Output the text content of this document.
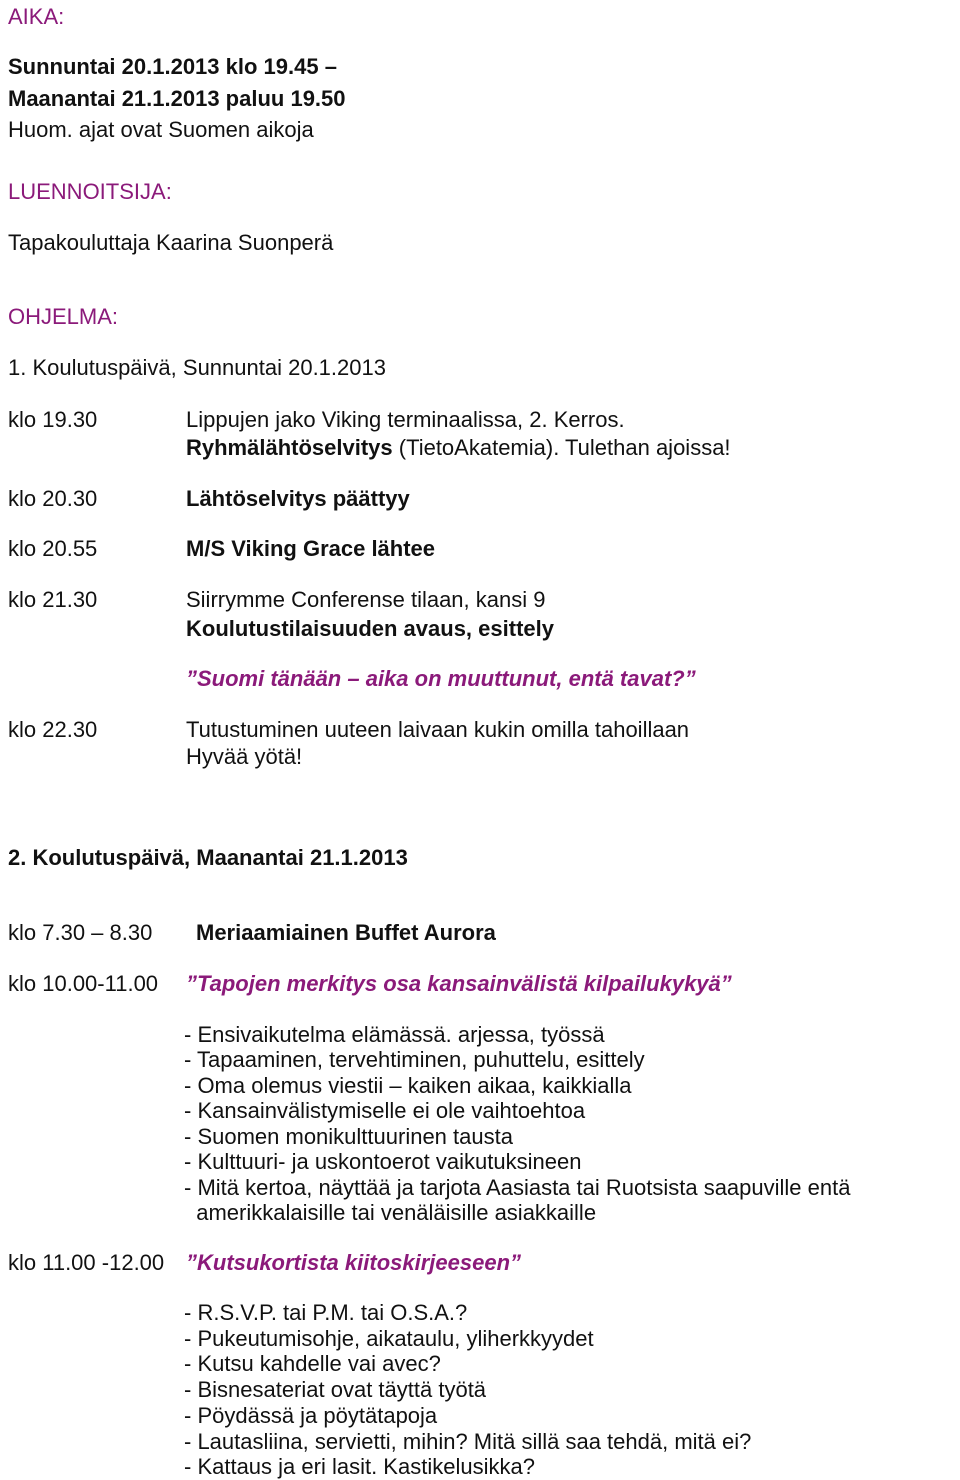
AIKA:
Sunnuntai 20.1.2013 klo 19.45 –
Maanantai 21.1.2013 paluu 19.50
Huom. ajat ovat Suomen aikoja
LUENNOITSIJA:
Tapakouluttaja Kaarina Suonperä
OHJELMA:
1. Koulutuspäivä, Sunnuntai 20.1.2013
klo 19.30	Lippujen jako Viking terminaalissa, 2. Kerros.
Ryhmälähtöselvitys (TietoAkatemia). Tulethan ajoissa!
klo 20.30	Lähtöselvitys päättyy
klo 20.55	M/S Viking Grace lähtee
klo 21.30	Siirrymme Conferense tilaan, kansi 9
Koulutustilaisuuden avaus, esittely
”Suomi tänään – aika on muuttunut, entä tavat?”
klo 22.30	Tutustuminen uuteen laivaan kukin omilla tahoillaan
Hyvää yötä!
2. Koulutuspäivä, Maanantai 21.1.2013
klo 7.30 – 8.30 Meriaamiainen Buffet Aurora
klo 10.00-11.00 ”Tapojen merkitys osa kansainvälistä kilpailukykyä”
- Ensivaikutelma elämässä. arjessa, työssä
- Tapaaminen, tervehtiminen, puhuttelu, esittely
- Oma olemus viestii – kaiken aikaa, kaikkialla
- Kansainvälistymiselle ei ole vaihtoehtoa
- Suomen monikulttuurinen tausta
- Kulttuuri- ja uskontoerot vaikutuksineen
- Mitä kertoa, näyttää ja tarjota Aasiasta tai Ruotsista saapuville entä
amerikkalaisille tai venäläisille asiakkaille
klo 11.00 -12.00 ”Kutsukortista kiitoskirjeeseen”
- R.S.V.P. tai P.M. tai O.S.A.?
- Pukeutumisohje, aikataulu, yliherkkyydet
- Kutsu kahdelle vai avec?
- Bisnesateriat ovat täyttä työtä
- Pöydässä ja pöytätapoja
- Lautasliina, servietti, mihin? Mitä sillä saa tehdä, mitä ei?
- Kattaus ja eri lasit. Kastikelusikka?
